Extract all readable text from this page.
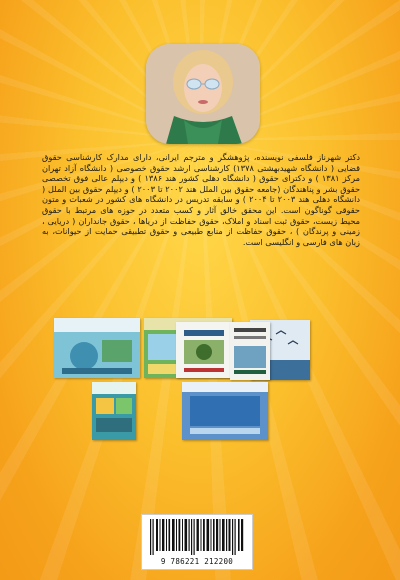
دکتر شهرناز فلسفی نویسنده، پژوهشگر و مترجم ایرانی، دارای مدارک کارشناسی حقوق قضایی ( دانشگاه شهیدبهشتی ۱۳۷۸) کارشناسی ارشد حقوق خصوصی ( دانشگاه آزاد تهران مرکز ۱۳۸۱ ) و دکترای حقوق ( دانشگاه دهلی کشور هند ۱۳۸۶ ) و دیپلم عالی فوق تخصصی حقوق بشر و پناهندگان (جامعه حقوق بین الملل هند ۲۰۰۲ تا ۲۰۰۳ ) و دیپلم حقوق بین الملل ( دانشگاه دهلی هند ۲۰۰۳ تا ۲۰۰۴ ) و سابقه تدریس در دانشگاه های کشور در شعبات و متون حقوقی گوناگون است. این محقق خالق آثار و کسب متعدد در حوزه های مرتبط با حقوق محیط زیست، حقوق ثبت اسناد و املاک، حقوق حفاظت از دریاها ، حقوق جانداران ( دریایی ، زمینی و پرندگان ) ، حقوق حفاظت از منابع طبیعی و حقوق تطبیقی حمایت از حیوانات، به زبان های فارسی و انگلیسی است.
9 786221 212200
